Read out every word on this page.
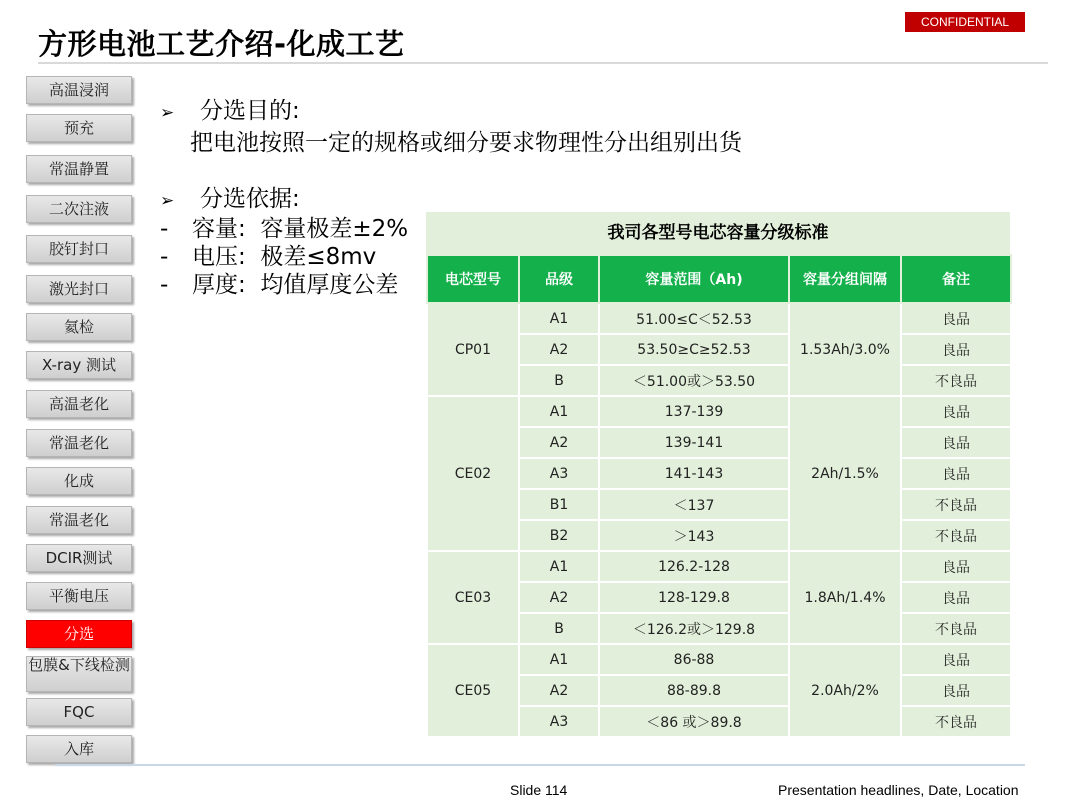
方形电池工艺介绍-化成工艺
CONFIDENTIAL
高温浸润
预充
常温静置
二次注液
胶钉封口
激光封口
氦检
X-ray 测试
高温老化
常温老化
化成
常温老化
DCIR测试
平衡电压
分选
包膜&下线检测
FQC
入库
➢ 分选目的:
把电池按照一定的规格或细分要求物理性分出组别出货
➢ 分选依据:
- 容量: 容量极差±2%
- 电压: 极差≤8mv
- 厚度: 均值厚度公差
我司各型号电芯容量分级标准
电芯型号	品级	容量范围（Ah)	容量分组间隔	备注
CP01	A1	51.00≤C＜52.53	1.53Ah/3.0%	良品
	A2	53.50≥C≥52.53		良品
	B	＜51.00或＞53.50		不良品
CE02	A1	137-139	2Ah/1.5%	良品
	A2	139-141		良品
	A3	141-143		良品
	B1	＜137		不良品
	B2	＞143		不良品
CE03	A1	126.2-128	1.8Ah/1.4%	良品
	A2	128-129.8		良品
	B	＜126.2或＞129.8		不良品
CE05	A1	86-88	2.0Ah/2%	良品
	A2	88-89.8		良品
	A3	＜86 或＞89.8		不良品
Slide 114	Presentation headlines, Date, Location
